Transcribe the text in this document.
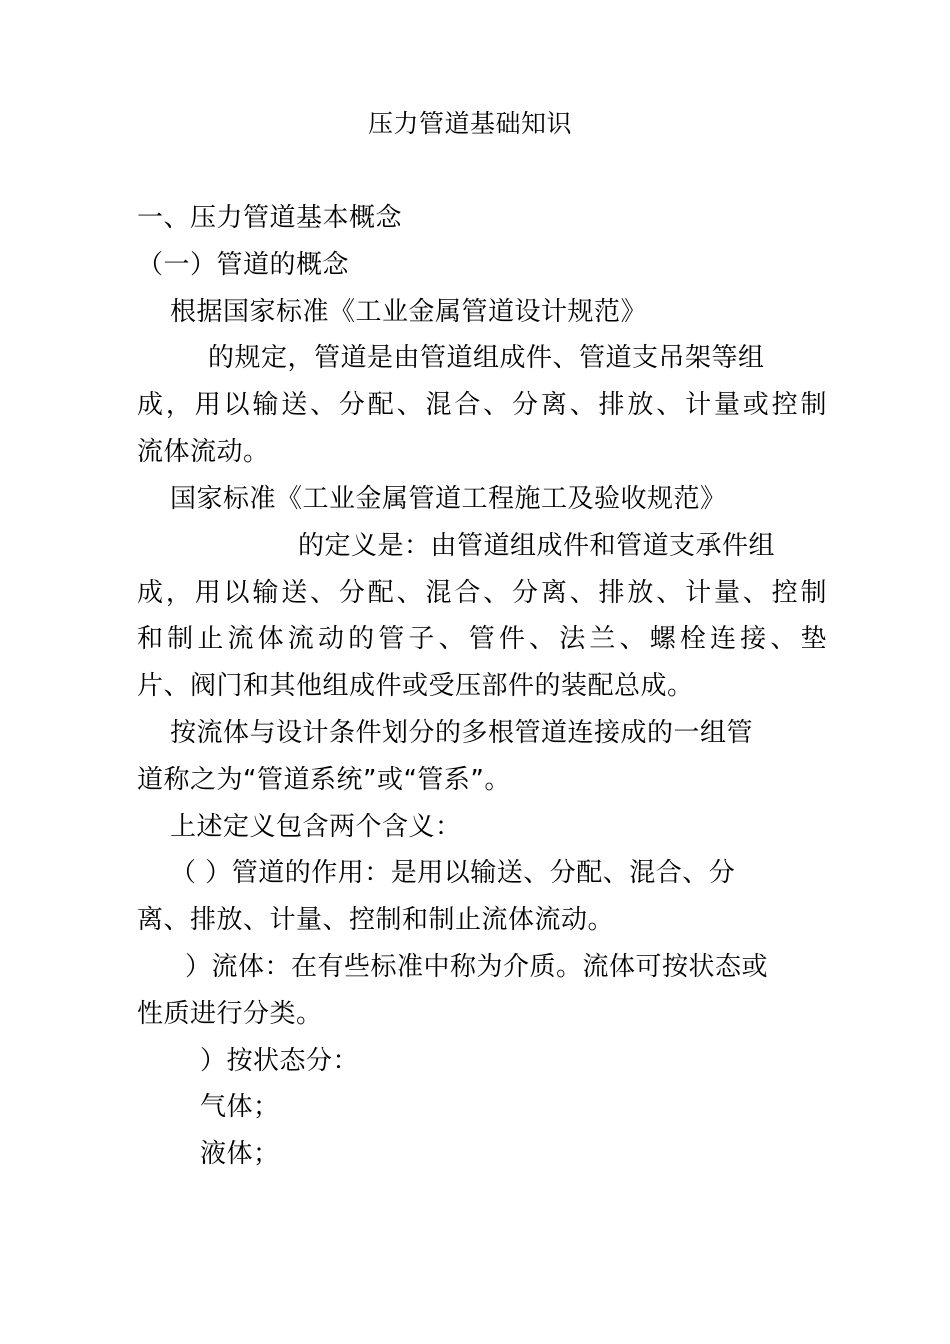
压力管道基础知识
一、压力管道基本概念
（一）管道的概念
根据国家标准《工业金属管道设计规范》
的规定，管道是由管道组成件、管道支吊架等组
成，用以输送、分配、混合、分离、排放、计量或控制
流体流动。
国家标准《工业金属管道工程施工及验收规范》
的定义是：由管道组成件和管道支承件组
成，用以输送、分配、混合、分离、排放、计量、控制
和制止流体流动的管子、管件、法兰、螺栓连接、垫
片、阀门和其他组成件或受压部件的装配总成。
按流体与设计条件划分的多根管道连接成的一组管
道称之为“管道系统”或“管系”。
上述定义包含两个含义：
（ ）管道的作用：是用以输送、分配、混合、分
离、排放、计量、控制和制止流体流动。
）流体：在有些标准中称为介质。流体可按状态或
性质进行分类。
）按状态分：
气体；
液体；
